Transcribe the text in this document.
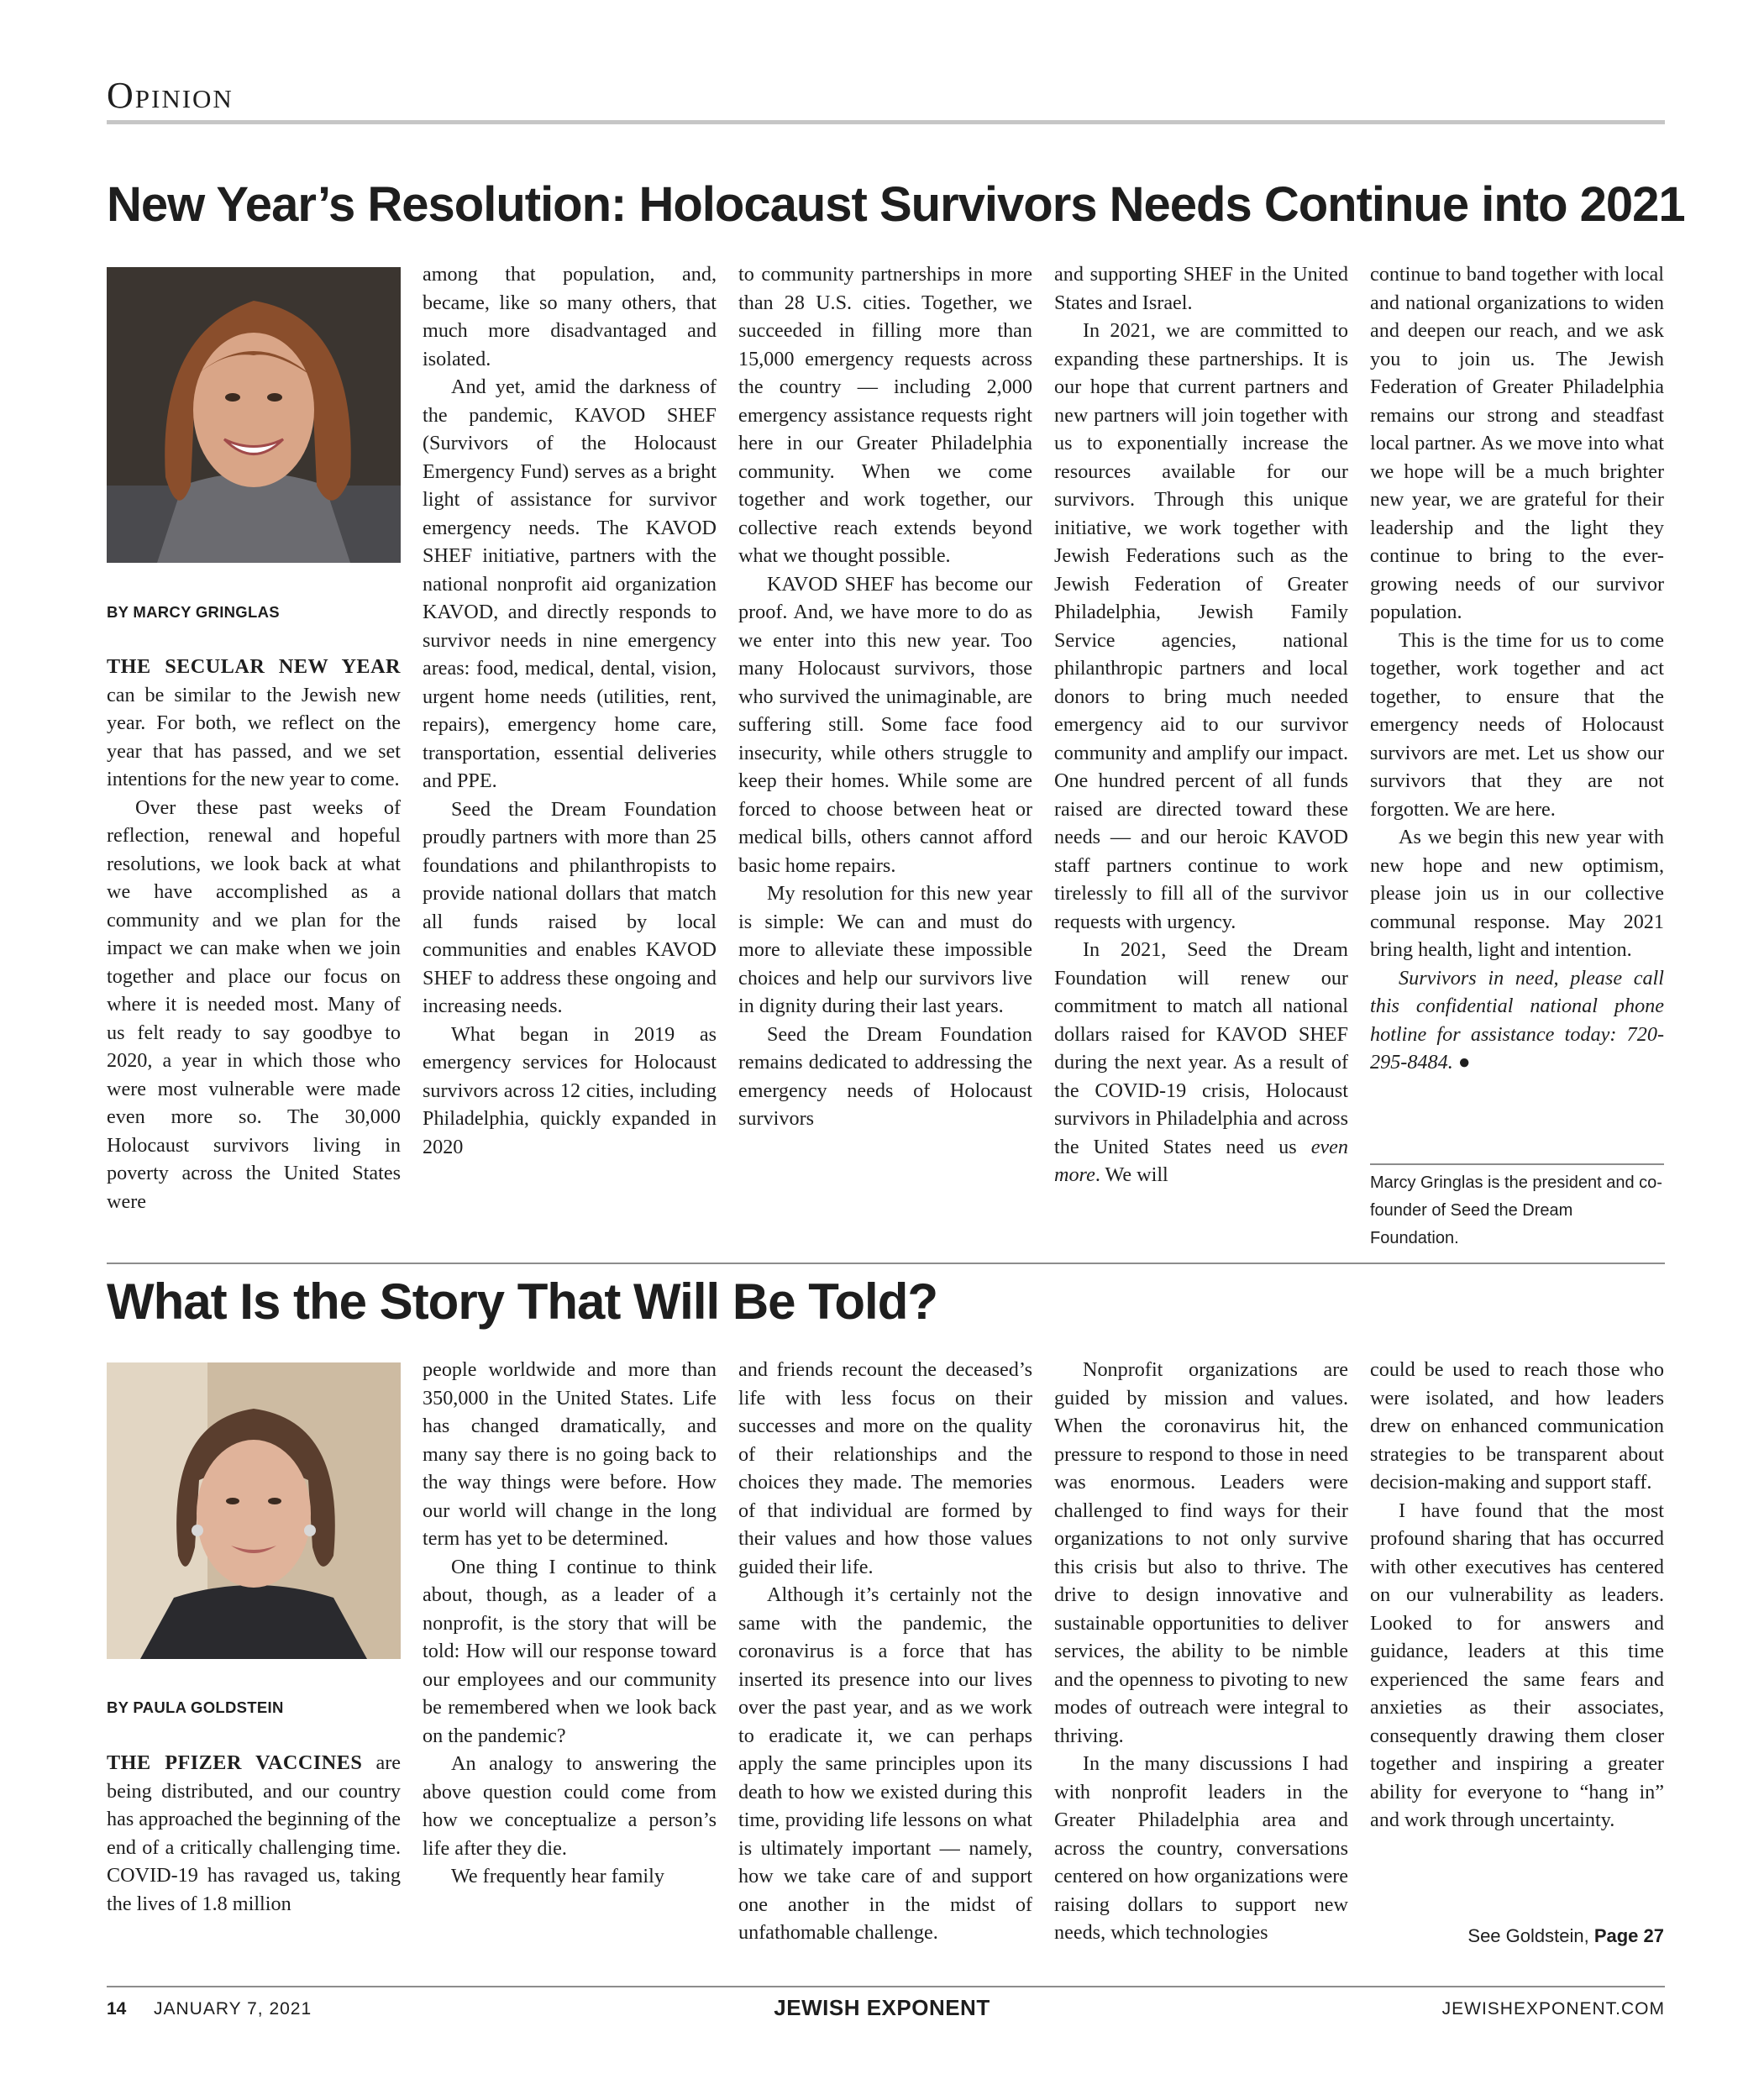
Opinion
New Year’s Resolution: Holocaust Survivors Needs Continue into 2021
BY MARCY GRINGLAS

THE SECULAR NEW YEAR can be similar to the Jewish new year. For both, we reflect on the year that has passed, and we set intentions for the new year to come.

Over these past weeks of reflection, renewal and hopeful resolutions, we look back at what we have accomplished as a community and we plan for the impact we can make when we join together and place our focus on where it is needed most. Many of us felt ready to say goodbye to 2020, a year in which those who were most vulnerable were made even more so. The 30,000 Holocaust survivors living in poverty across the United States were

among that population, and, became, like so many others, that much more disadvantaged and isolated.

And yet, amid the darkness of the pandemic, KAVOD SHEF (Survivors of the Holocaust Emergency Fund) serves as a bright light of assistance for survivor emergency needs. The KAVOD SHEF initiative, partners with the national nonprofit aid organization KAVOD, and directly responds to survivor needs in nine emergency areas: food, medical, dental, vision, urgent home needs (utilities, rent, repairs), emergency home care, transportation, essential deliveries and PPE.

Seed the Dream Foundation proudly partners with more than 25 foundations and philanthropists to provide national dollars that match all funds raised by local communities and enables KAVOD SHEF to address these ongoing and increasing needs.

What began in 2019 as emergency services for Holocaust survivors across 12 cities, including Philadelphia, quickly expanded in 2020

to community partnerships in more than 28 U.S. cities. Together, we succeeded in filling more than 15,000 emergency requests across the country — including 2,000 emergency assistance requests right here in our Greater Philadelphia community. When we come together and work together, our collective reach extends beyond what we thought possible.

KAVOD SHEF has become our proof. And, we have more to do as we enter into this new year. Too many Holocaust survivors, those who survived the unimaginable, are suffering still. Some face food insecurity, while others struggle to keep their homes. While some are forced to choose between heat or medical bills, others cannot afford basic home repairs.

My resolution for this new year is simple: We can and must do more to alleviate these impossible choices and help our survivors live in dignity during their last years.

Seed the Dream Foundation remains dedicated to addressing the emergency needs of Holocaust survivors

and supporting SHEF in the United States and Israel.

In 2021, we are committed to expanding these partnerships. It is our hope that current partners and new partners will join together with us to exponentially increase the resources available for our survivors. Through this unique initiative, we work together with Jewish Federations such as the Jewish Federation of Greater Philadelphia, Jewish Family Service agencies, national philanthropic partners and local donors to bring much needed emergency aid to our survivor community and amplify our impact. One hundred percent of all funds raised are directed toward these needs — and our heroic KAVOD staff partners continue to work tirelessly to fill all of the survivor requests with urgency.

In 2021, Seed the Dream Foundation will renew our commitment to match all national dollars raised for KAVOD SHEF during the next year. As a result of the COVID-19 crisis, Holocaust survivors in Philadelphia and across the United States need us even more. We will

continue to band together with local and national organizations to widen and deepen our reach, and we ask you to join us. The Jewish Federation of Greater Philadelphia remains our strong and steadfast local partner. As we move into what we hope will be a much brighter new year, we are grateful for their leadership and the light they continue to bring to the ever-growing needs of our survivor population.

This is the time for us to come together, work together and act together, to ensure that the emergency needs of Holocaust survivors are met. Let us show our survivors that they are not forgotten. We are here.

As we begin this new year with new hope and new optimism, please join us in our collective communal response. May 2021 bring health, light and intention.

Survivors in need, please call this confidential national phone hotline for assistance today: 720-295-8484. ●

Marcy Gringlas is the president and co-founder of Seed the Dream Foundation.
What Is the Story That Will Be Told?
BY PAULA GOLDSTEIN

THE PFIZER VACCINES are being distributed, and our country has approached the beginning of the end of a critically challenging time. COVID-19 has ravaged us, taking the lives of 1.8 million

people worldwide and more than 350,000 in the United States. Life has changed dramatically, and many say there is no going back to the way things were before. How our world will change in the long term has yet to be determined.

One thing I continue to think about, though, as a leader of a nonprofit, is the story that will be told: How will our response toward our employees and our community be remembered when we look back on the pandemic?

An analogy to answering the above question could come from how we conceptualize a person’s life after they die.

We frequently hear family

and friends recount the deceased’s life with less focus on their successes and more on the quality of their relationships and the choices they made. The memories of that individual are formed by their values and how those values guided their life.

Although it’s certainly not the same with the pandemic, the coronavirus is a force that has inserted its presence into our lives over the past year, and as we work to eradicate it, we can perhaps apply the same principles upon its death to how we existed during this time, providing life lessons on what is ultimately important — namely, how we take care of and support one another in the midst of unfathomable challenge.

Nonprofit organizations are guided by mission and values. When the coronavirus hit, the pressure to respond to those in need was enormous. Leaders were challenged to find ways for their organizations to not only survive this crisis but also to thrive. The drive to design innovative and sustainable opportunities to deliver services, the ability to be nimble and the openness to pivoting to new modes of outreach were integral to thriving.

In the many discussions I had with nonprofit leaders in the Greater Philadelphia area and across the country, conversations centered on how organizations were raising dollars to support new needs, which technologies

could be used to reach those who were isolated, and how leaders drew on enhanced communication strategies to be transparent about decision-making and support staff.

I have found that the most profound sharing that has occurred with other executives has centered on our vulnerability as leaders. Looked to for answers and guidance, leaders at this time experienced the same fears and anxieties as their associates, consequently drawing them closer together and inspiring a greater ability for everyone to “hang in” and work through uncertainty.

See Goldstein, Page 27
14 JANUARY 7, 2021	JEWISH EXPONENT	JEWISHEXPONENT.COM
